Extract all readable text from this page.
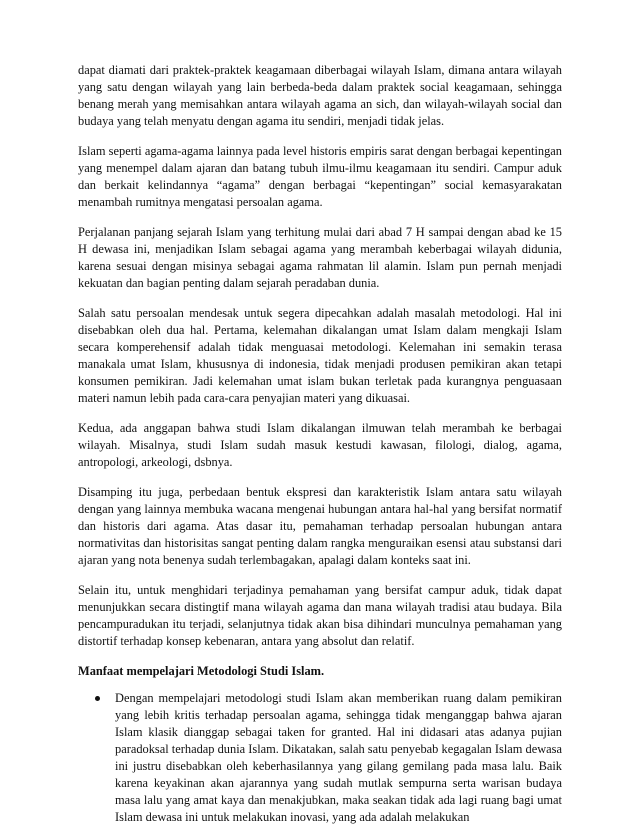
dapat diamati dari praktek-praktek keagamaan diberbagai wilayah Islam, dimana antara wilayah yang satu dengan wilayah yang lain berbeda-beda dalam praktek social keagamaan, sehingga benang merah yang memisahkan antara wilayah agama an sich, dan wilayah-wilayah social dan budaya yang telah menyatu dengan agama itu sendiri, menjadi tidak jelas.

Islam seperti agama-agama lainnya pada level historis empiris sarat dengan berbagai kepentingan yang menempel dalam ajaran dan batang tubuh ilmu-ilmu keagamaan itu sendiri. Campur aduk dan berkait kelindannya “agama” dengan berbagai “kepentingan” social kemasyarakatan menambah rumitnya mengatasi persoalan agama.

Perjalanan panjang sejarah Islam yang terhitung mulai dari abad 7 H sampai dengan abad ke 15 H dewasa ini, menjadikan Islam sebagai agama yang merambah keberbagai wilayah didunia, karena sesuai dengan misinya sebagai agama rahmatan lil alamin. Islam pun pernah menjadi kekuatan dan bagian penting dalam sejarah peradaban dunia.

Salah satu persoalan mendesak untuk segera dipecahkan adalah masalah metodologi. Hal ini disebabkan oleh dua hal. Pertama, kelemahan dikalangan umat Islam dalam mengkaji Islam secara komperehensif adalah tidak menguasai metodologi. Kelemahan ini semakin terasa manakala umat Islam, khususnya di indonesia, tidak menjadi produsen pemikiran akan tetapi konsumen pemikiran. Jadi kelemahan umat islam bukan terletak pada kurangnya penguasaan materi namun lebih pada cara-cara penyajian materi yang dikuasai.

Kedua, ada anggapan bahwa studi Islam dikalangan ilmuwan telah merambah ke berbagai wilayah. Misalnya, studi Islam sudah masuk kestudi kawasan, filologi, dialog, agama, antropologi, arkeologi, dsbnya.

Disamping itu juga, perbedaan bentuk ekspresi dan karakteristik Islam antara satu wilayah dengan yang lainnya membuka wacana mengenai hubungan antara hal-hal yang bersifat normatif dan historis dari agama. Atas dasar itu, pemahaman terhadap persoalan hubungan antara normativitas dan historisitas sangat penting dalam rangka menguraikan esensi atau substansi dari ajaran yang nota benenya sudah terlembagakan, apalagi dalam konteks saat ini.

Selain itu, untuk menghidari terjadinya pemahaman yang bersifat campur aduk, tidak dapat menunjukkan secara distingtif mana wilayah agama dan mana wilayah tradisi atau budaya. Bila pencampuradukan itu terjadi, selanjutnya tidak akan bisa dihindari munculnya pemahaman yang distortif terhadap konsep kebenaran, antara yang absolut dan relatif.

Manfaat mempelajari Metodologi Studi Islam.

Dengan mempelajari metodologi studi Islam akan memberikan ruang dalam pemikiran yang lebih kritis terhadap persoalan agama, sehingga tidak menganggap bahwa ajaran Islam klasik dianggap sebagai taken for granted. Hal ini didasari atas adanya pujian paradoksal terhadap dunia Islam. Dikatakan, salah satu penyebab kegagalan Islam dewasa ini justru disebabkan oleh keberhasilannya yang gilang gemilang pada masa lalu. Baik karena keyakinan akan ajarannya yang sudah mutlak sempurna serta warisan budaya masa lalu yang amat kaya dan menakjubkan, maka seakan tidak ada lagi ruang bagi umat Islam dewasa ini untuk melakukan inovasi, yang ada adalah melakukan
